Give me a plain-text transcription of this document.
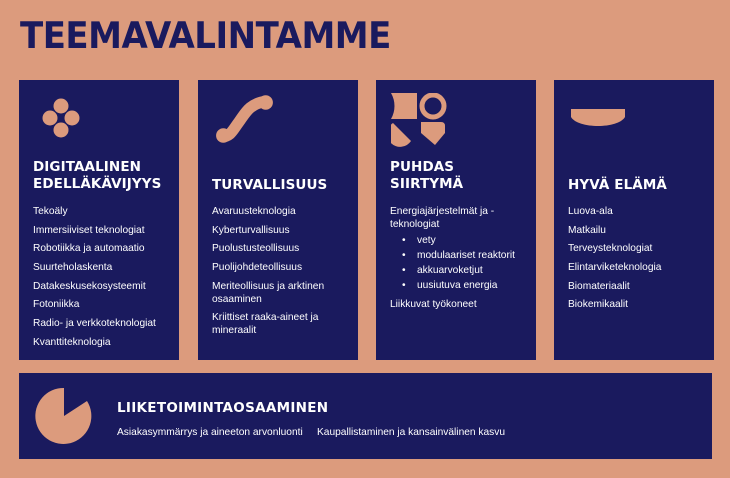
TEEMAVALINTAMME
DIGITAALINEN
EDELLÄKÄVIJYYS
Tekoäly
Immersiiviset teknologiat
Robotiikka ja automaatio
Suurteholaskenta
Datakeskusekosysteemit
Fotoniikka
Radio- ja verkkoteknologiat
Kvanttiteknologia
TURVALLISUUS
Avaruusteknologia
Kyberturvallisuus
Puolustusteollisuus
Puolijohdeteollisuus
Meriteollisuus ja arktinen osaaminen
Kriittiset raaka-aineet ja mineraalit
PUHDAS
SIIRTYMÄ
Energiajärjestelmät ja -teknologiat
• vety
• modulaariset reaktorit
• akkuarvoketjut
• uusiutuva energia
Liikkuvat työkoneet
HYVÄ ELÄMÄ
Luova-ala
Matkailu
Terveysteknologiat
Elintarviketeknologia
Biomateriaalit
Biokemikaalit
LIIKETOIMINTAOSAAMINEN
Asiakasymmärrys ja aineeton arvonluonti Kaupallistaminen ja kansainvälinen kasvu
